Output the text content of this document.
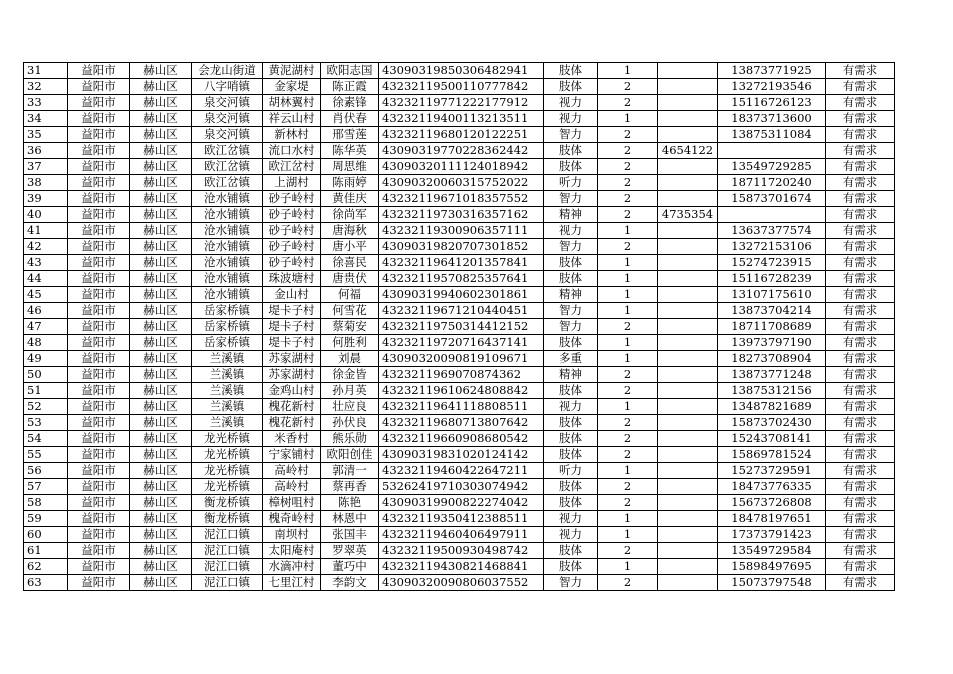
31	益阳市	赫山区	会龙山街道	黄泥湖村	欧阳志国	43090319850306482941	肢体	1		13873771925	有需求
32	益阳市	赫山区	八字哨镇	金家堤	陈正霞	43232119500110777842	肢体	2		13272193546	有需求
33	益阳市	赫山区	泉交河镇	胡林翼村	徐素锋	43232119771222177912	视力	2		15116726123	有需求
34	益阳市	赫山区	泉交河镇	祥云山村	肖伏春	43232119400113213511	视力	1		18373713600	有需求
35	益阳市	赫山区	泉交河镇	新林村	邢雪莲	43232119680120122251	智力	2		13875311084	有需求
36	益阳市	赫山区	欧江岔镇	流口水村	陈华英	43090319770228362442	肢体	2	4654122		有需求
37	益阳市	赫山区	欧江岔镇	欧江岔村	周思维	43090320111124018942	肢体	2		13549729285	有需求
38	益阳市	赫山区	欧江岔镇	上湖村	陈雨婷	43090320060315752022	听力	2		18711720240	有需求
39	益阳市	赫山区	沧水铺镇	砂子岭村	黄佳庆	43232119671018357552	智力	2		15873701674	有需求
40	益阳市	赫山区	沧水铺镇	砂子岭村	徐尚军	43232119730316357162	精神	2	4735354		有需求
41	益阳市	赫山区	沧水铺镇	砂子岭村	唐海秋	43232119300906357111	视力	1		13637377574	有需求
42	益阳市	赫山区	沧水铺镇	砂子岭村	唐小平	43090319820707301852	智力	2		13272153106	有需求
43	益阳市	赫山区	沧水铺镇	砂子岭村	徐喜民	43232119641201357841	肢体	1		15274723915	有需求
44	益阳市	赫山区	沧水铺镇	珠波塘村	唐贵伏	43232119570825357641	肢体	1		15116728239	有需求
45	益阳市	赫山区	沧水铺镇	金山村	何福	43090319940602301861	精神	1		13107175610	有需求
46	益阳市	赫山区	岳家桥镇	堤卡子村	何雪花	43232119671210440451	智力	1		13873704214	有需求
47	益阳市	赫山区	岳家桥镇	堤卡子村	蔡菊安	43232119750314412152	智力	2		18711708689	有需求
48	益阳市	赫山区	岳家桥镇	堤卡子村	何胜利	43232119720716437141	肢体	1		13973797190	有需求
49	益阳市	赫山区	兰溪镇	苏家湖村	刘晨	43090320090819109671	多重	1		18273708904	有需求
50	益阳市	赫山区	兰溪镇	苏家湖村	徐金皆	4323211969070874362	精神	2		13873771248	有需求
51	益阳市	赫山区	兰溪镇	金鸡山村	孙月英	43232119610624808842	肢体	2		13875312156	有需求
52	益阳市	赫山区	兰溪镇	槐花新村	壮应良	43232119641118808511	视力	1		13487821689	有需求
53	益阳市	赫山区	兰溪镇	槐花新村	孙伏良	43232119680713807642	肢体	2		15873702430	有需求
54	益阳市	赫山区	龙光桥镇	米香村	熊乐勋	43232119660908680542	肢体	2		15243708141	有需求
55	益阳市	赫山区	龙光桥镇	宁家铺村	欧阳创佳	43090319831020124142	肢体	2		15869781524	有需求
56	益阳市	赫山区	龙光桥镇	高岭村	郭清一	43232119460422647211	听力	1		15273729591	有需求
57	益阳市	赫山区	龙光桥镇	高岭村	蔡再香	53262419710303074942	肢体	2		18473776335	有需求
58	益阳市	赫山区	衡龙桥镇	樟树咀村	陈艳	43090319900822274042	肢体	2		15673726808	有需求
59	益阳市	赫山区	衡龙桥镇	槐奇岭村	林恩中	43232119350412388511	视力	1		18478197651	有需求
60	益阳市	赫山区	泥江口镇	南坝村	张国丰	43232119460406497911	视力	1		17373791423	有需求
61	益阳市	赫山区	泥江口镇	太阳庵村	罗翠英	43232119500930498742	肢体	2		13549729584	有需求
62	益阳市	赫山区	泥江口镇	水滴冲村	董巧中	43232119430821468841	肢体	1		15898497695	有需求
63	益阳市	赫山区	泥江口镇	七里江村	李韵文	43090320090806037552	智力	2		15073797548	有需求
